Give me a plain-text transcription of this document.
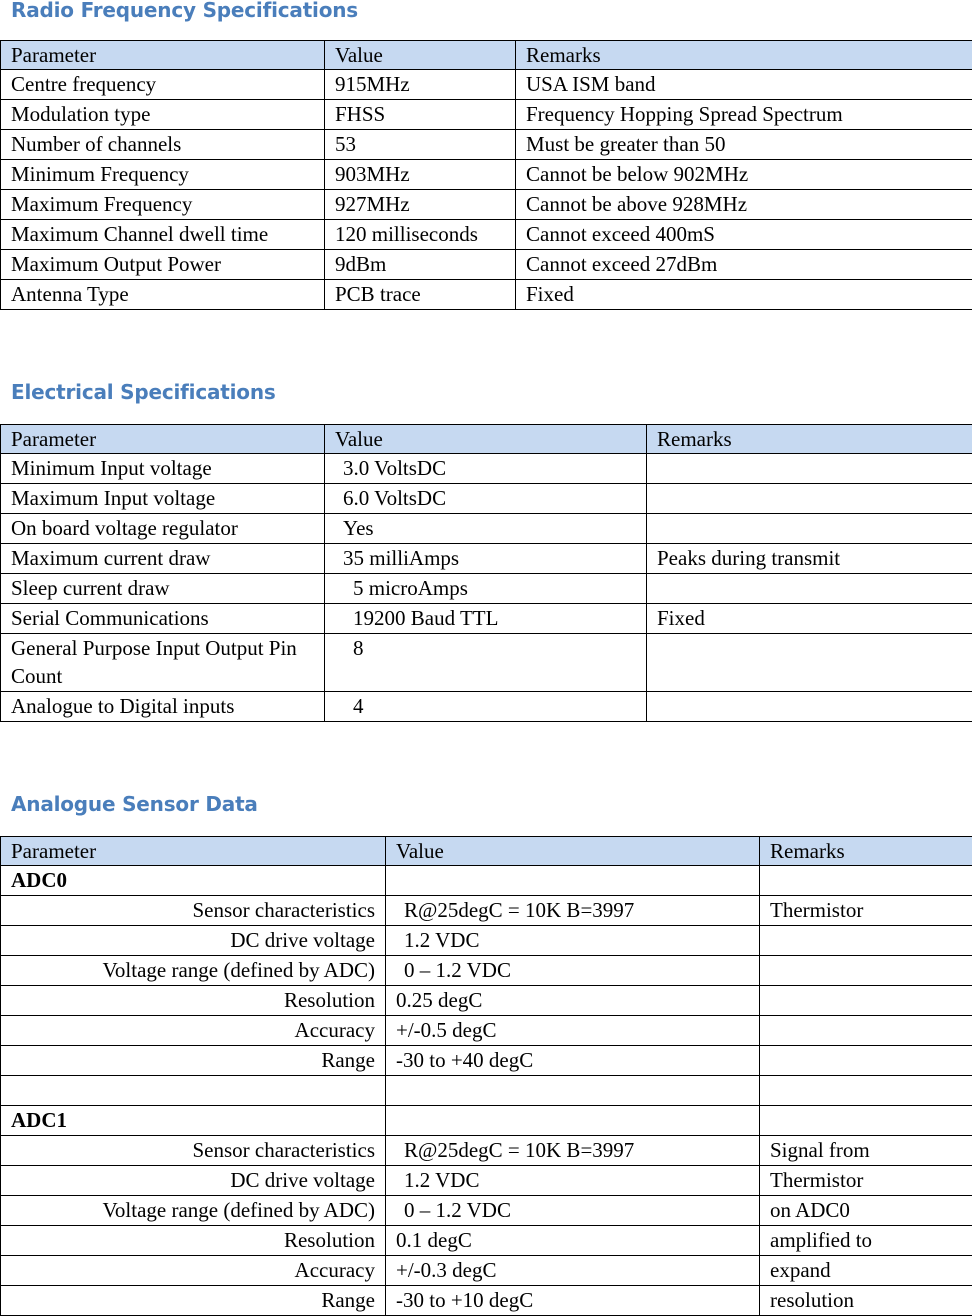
Radio Frequency Specifications
Parameter	Value	Remarks
Centre frequency	915MHz	USA ISM band
Modulation type	FHSS	Frequency Hopping Spread Spectrum
Number of channels	53	Must be greater than 50
Minimum Frequency	903MHz	Cannot be below 902MHz
Maximum Frequency	927MHz	Cannot be above 928MHz
Maximum Channel dwell time	120 milliseconds	Cannot exceed 400mS
Maximum Output Power	9dBm	Cannot exceed 27dBm
Antenna Type	PCB trace	Fixed
Electrical Specifications
Parameter	Value	Remarks
Minimum Input voltage	3.0 VoltsDC	
Maximum Input voltage	6.0 VoltsDC	
On board voltage regulator	Yes	
Maximum current draw	35 milliAmps	Peaks during transmit
Sleep current draw	5 microAmps	
Serial Communications	19200 Baud TTL	Fixed
General Purpose Input Output Pin Count	8	
Analogue to Digital inputs	4	
Analogue Sensor Data
Parameter	Value	Remarks
ADC0		
Sensor characteristics	R@25degC = 10K B=3997	Thermistor
DC drive voltage	1.2 VDC	
Voltage range (defined by ADC)	0 – 1.2 VDC	
Resolution	0.25 degC	
Accuracy	+/-0.5 degC	
Range	-30 to +40 degC	

ADC1		
Sensor characteristics	R@25degC = 10K B=3997	Signal from
DC drive voltage	1.2 VDC	Thermistor
Voltage range (defined by ADC)	0 – 1.2 VDC	on ADC0
Resolution	0.1 degC	amplified to
Accuracy	+/-0.3 degC	expand
Range	-30 to +10 degC	resolution
